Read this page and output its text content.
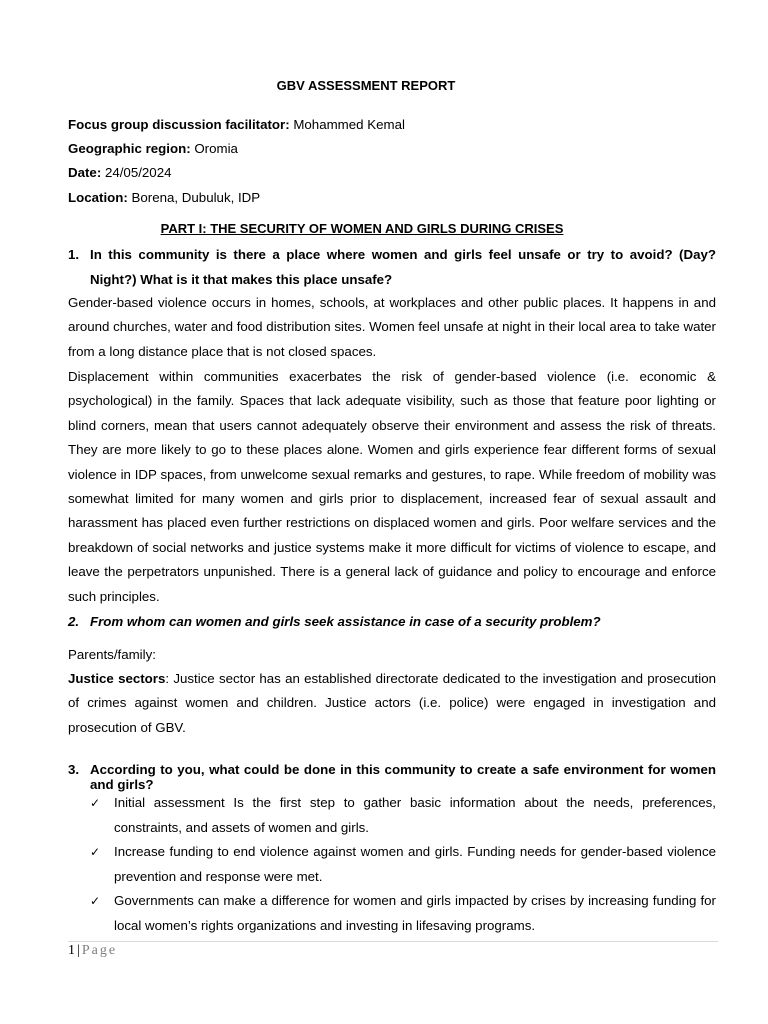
GBV ASSESSMENT REPORT
Focus group discussion facilitator: Mohammed Kemal
Geographic region: Oromia
Date: 24/05/2024
Location: Borena, Dubuluk, IDP
PART I: THE SECURITY OF WOMEN AND GIRLS DURING CRISES
1. In this community is there a place where women and girls feel unsafe or try to avoid? (Day? Night?) What is it that makes this place unsafe?
Gender-based violence occurs in homes, schools, at workplaces and other public places. It happens in and around churches, water and food distribution sites. Women feel unsafe at night in their local area to take water from a long distance place that is not closed spaces.
Displacement within communities exacerbates the risk of gender-based violence (i.e. economic & psychological) in the family. Spaces that lack adequate visibility, such as those that feature poor lighting or blind corners, mean that users cannot adequately observe their environment and assess the risk of threats. They are more likely to go to these places alone. Women and girls experience fear different forms of sexual violence in IDP spaces, from unwelcome sexual remarks and gestures, to rape. While freedom of mobility was somewhat limited for many women and girls prior to displacement, increased fear of sexual assault and harassment has placed even further restrictions on displaced women and girls. Poor welfare services and the breakdown of social networks and justice systems make it more difficult for victims of violence to escape, and leave the perpetrators unpunished. There is a general lack of guidance and policy to encourage and enforce such principles.
2. From whom can women and girls seek assistance in case of a security problem?
Parents/family:
Justice sectors: Justice sector has an established directorate dedicated to the investigation and prosecution of crimes against women and children. Justice actors (i.e. police) were engaged in investigation and prosecution of GBV.
3. According to you, what could be done in this community to create a safe environment for women and girls?
✓ Initial assessment Is the first step to gather basic information about the needs, preferences, constraints, and assets of women and girls.
✓ Increase funding to end violence against women and girls. Funding needs for gender-based violence prevention and response were met.
✓ Governments can make a difference for women and girls impacted by crises by increasing funding for local women’s rights organizations and investing in lifesaving programs.
1 | Page
